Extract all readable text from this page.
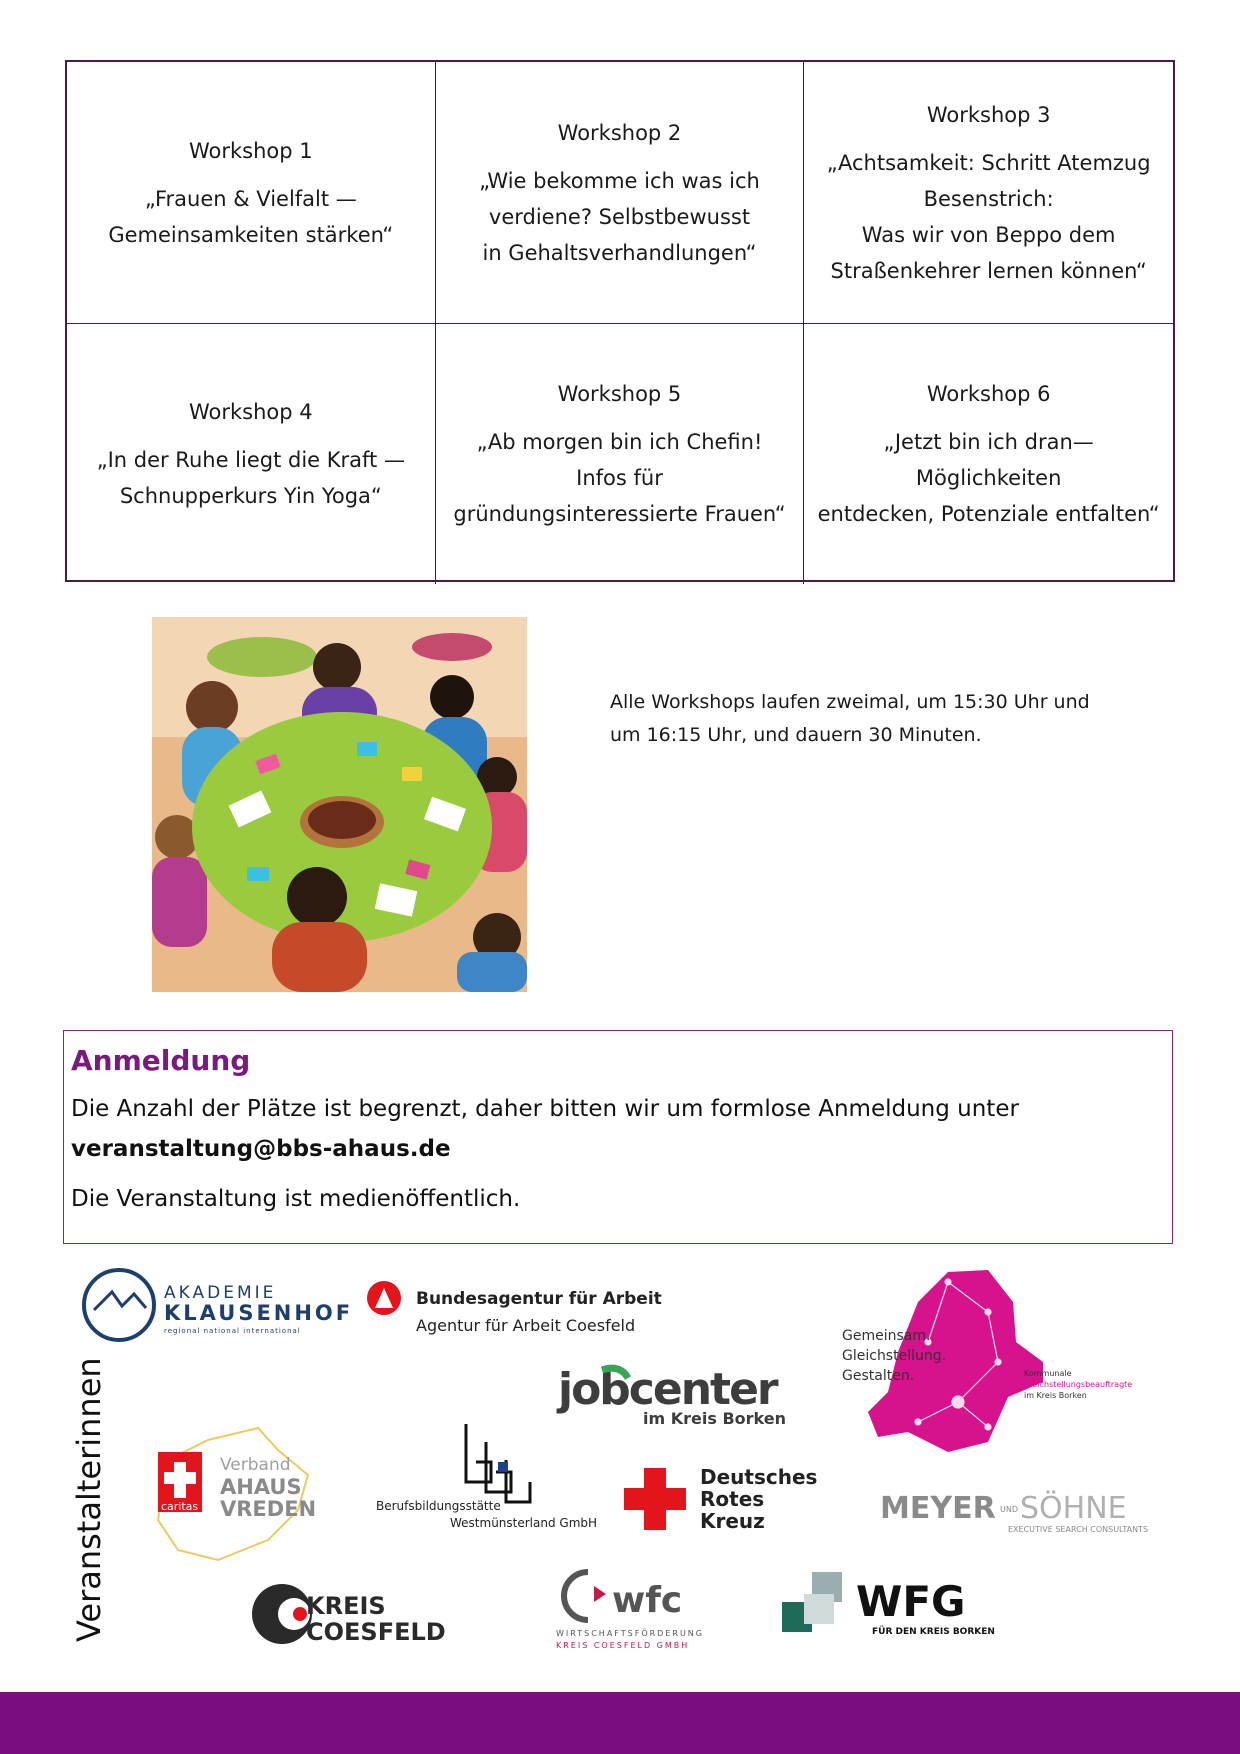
Workshop 1
„Frauen & Vielfalt —
Gemeinsamkeiten stärken“
Workshop 2
„Wie bekomme ich was ich
verdiene? Selbstbewusst
in Gehaltsverhandlungen“
Workshop 3
„Achtsamkeit: Schritt Atemzug
Besenstrich:
Was wir von Beppo dem
Straßenkehrer lernen können“
Workshop 4
„In der Ruhe liegt die Kraft —
Schnupperkurs Yin Yoga“
Workshop 5
„Ab morgen bin ich Chefin!
Infos für
gründungsinteressierte Frauen“
Workshop 6
„Jetzt bin ich dran— Möglichkeiten
entdecken, Potenziale entfalten“
Alle Workshops laufen zweimal, um 15:30 Uhr und
um 16:15 Uhr, und dauern 30 Minuten.
Anmeldung
Die Anzahl der Plätze ist begrenzt, daher bitten wir um formlose Anmeldung unter
veranstaltung@bbs-ahaus.de
Die Veranstaltung ist medienöffentlich.
Veranstalterinnen
AKADEMIE
KLAUSENHOF
regional national international
Bundesagentur für Arbeit
Agentur für Arbeit Coesfeld
Gemeinsam.
Gleichstellung.
Gestalten.	Kommunale
Gleichstellungsbeauftragte
im Kreis Borken
jobcenter
im Kreis Borken
caritas
Verband
AHAUS
VREDEN	Berufsbildungsstätte
Westmünsterland GmbH
Deutsches
Rotes
Kreuz	MEYER UND SÖHNE
EXECUTIVE SEARCH CONSULTANTS
KREIS
COESFELD
wfc
WIRTSCHAFTSFÖRDERUNG
KREIS COESFELD GMBH
WFG
FÜR DEN KREIS BORKEN
